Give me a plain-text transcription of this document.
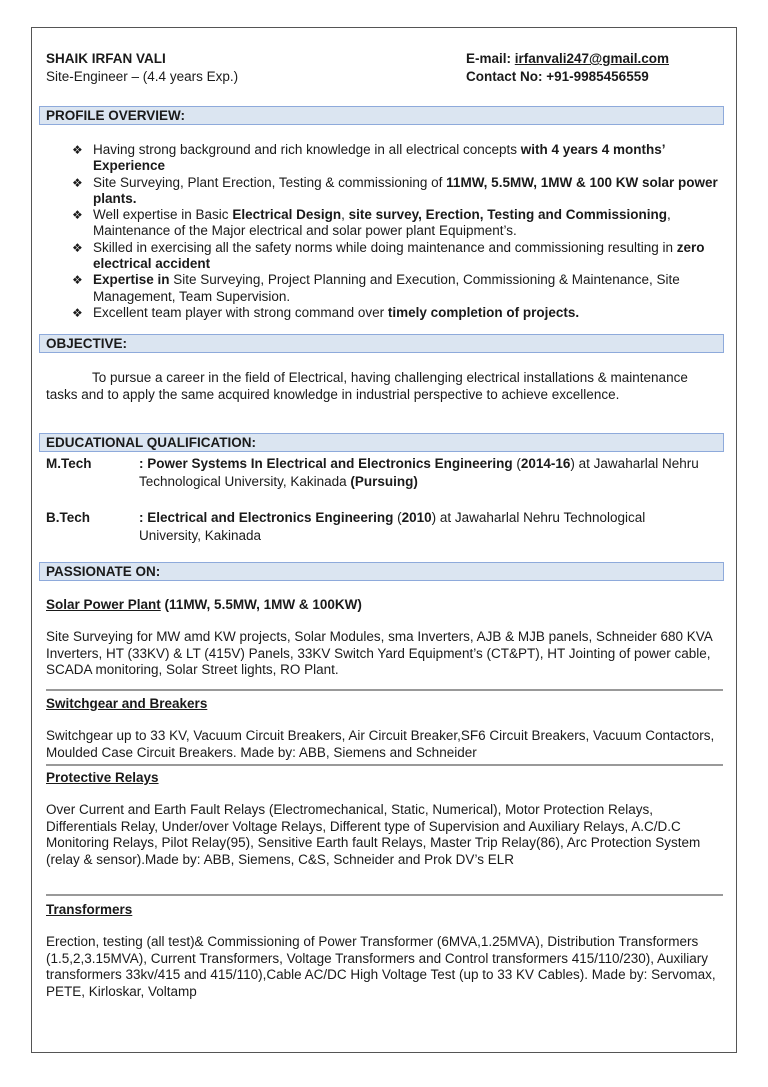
SHAIK IRFAN VALI
Site-Engineer – (4.4 years Exp.)
E-mail: irfanvali247@gmail.com
Contact No: +91-9985456559
PROFILE OVERVIEW:
❖ Having strong background and rich knowledge in all electrical concepts with 4 years 4 months’ Experience
❖ Site Surveying, Plant Erection, Testing & commissioning of 11MW, 5.5MW, 1MW & 100 KW solar power plants.
❖ Well expertise in Basic Electrical Design, site survey, Erection, Testing and Commissioning, Maintenance of the Major electrical and solar power plant Equipment’s.
❖ Skilled in exercising all the safety norms while doing maintenance and commissioning resulting in zero electrical accident
❖ Expertise in Site Surveying, Project Planning and Execution, Commissioning & Maintenance, Site Management, Team Supervision.
❖ Excellent team player with strong command over timely completion of projects.
OBJECTIVE:
To pursue a career in the field of Electrical, having challenging electrical installations & maintenance tasks and to apply the same acquired knowledge in industrial perspective to achieve excellence.
EDUCATIONAL QUALIFICATION:
M.Tech	: Power Systems In Electrical and Electronics Engineering (2014-16) at Jawaharlal Nehru Technological University, Kakinada (Pursuing)
B.Tech	: Electrical and Electronics Engineering (2010) at Jawaharlal Nehru Technological University, Kakinada
PASSIONATE ON:
Solar Power Plant (11MW, 5.5MW, 1MW & 100KW)
Site Surveying for MW amd KW projects, Solar Modules, sma Inverters, AJB & MJB panels, Schneider 680 KVA Inverters, HT (33KV) & LT (415V) Panels, 33KV Switch Yard Equipment’s (CT&PT), HT Jointing of power cable, SCADA monitoring, Solar Street lights, RO Plant.
Switchgear and Breakers
Switchgear up to 33 KV, Vacuum Circuit Breakers, Air Circuit Breaker,SF6 Circuit Breakers, Vacuum Contactors, Moulded Case Circuit Breakers. Made by: ABB, Siemens and Schneider
Protective Relays
Over Current and Earth Fault Relays (Electromechanical, Static, Numerical), Motor Protection Relays, Differentials Relay, Under/over Voltage Relays, Different type of Supervision and Auxiliary Relays, A.C/D.C Monitoring Relays, Pilot Relay(95), Sensitive Earth fault Relays, Master Trip Relay(86), Arc Protection System (relay & sensor).Made by: ABB, Siemens, C&S, Schneider and Prok DV’s ELR
Transformers
Erection, testing (all test)& Commissioning of Power Transformer (6MVA,1.25MVA), Distribution Transformers (1.5,2,3.15MVA), Current Transformers, Voltage Transformers and Control transformers 415/110/230), Auxiliary transformers 33kv/415 and 415/110),Cable AC/DC High Voltage Test (up to 33 KV Cables). Made by: Servomax, PETE, Kirloskar, Voltamp
